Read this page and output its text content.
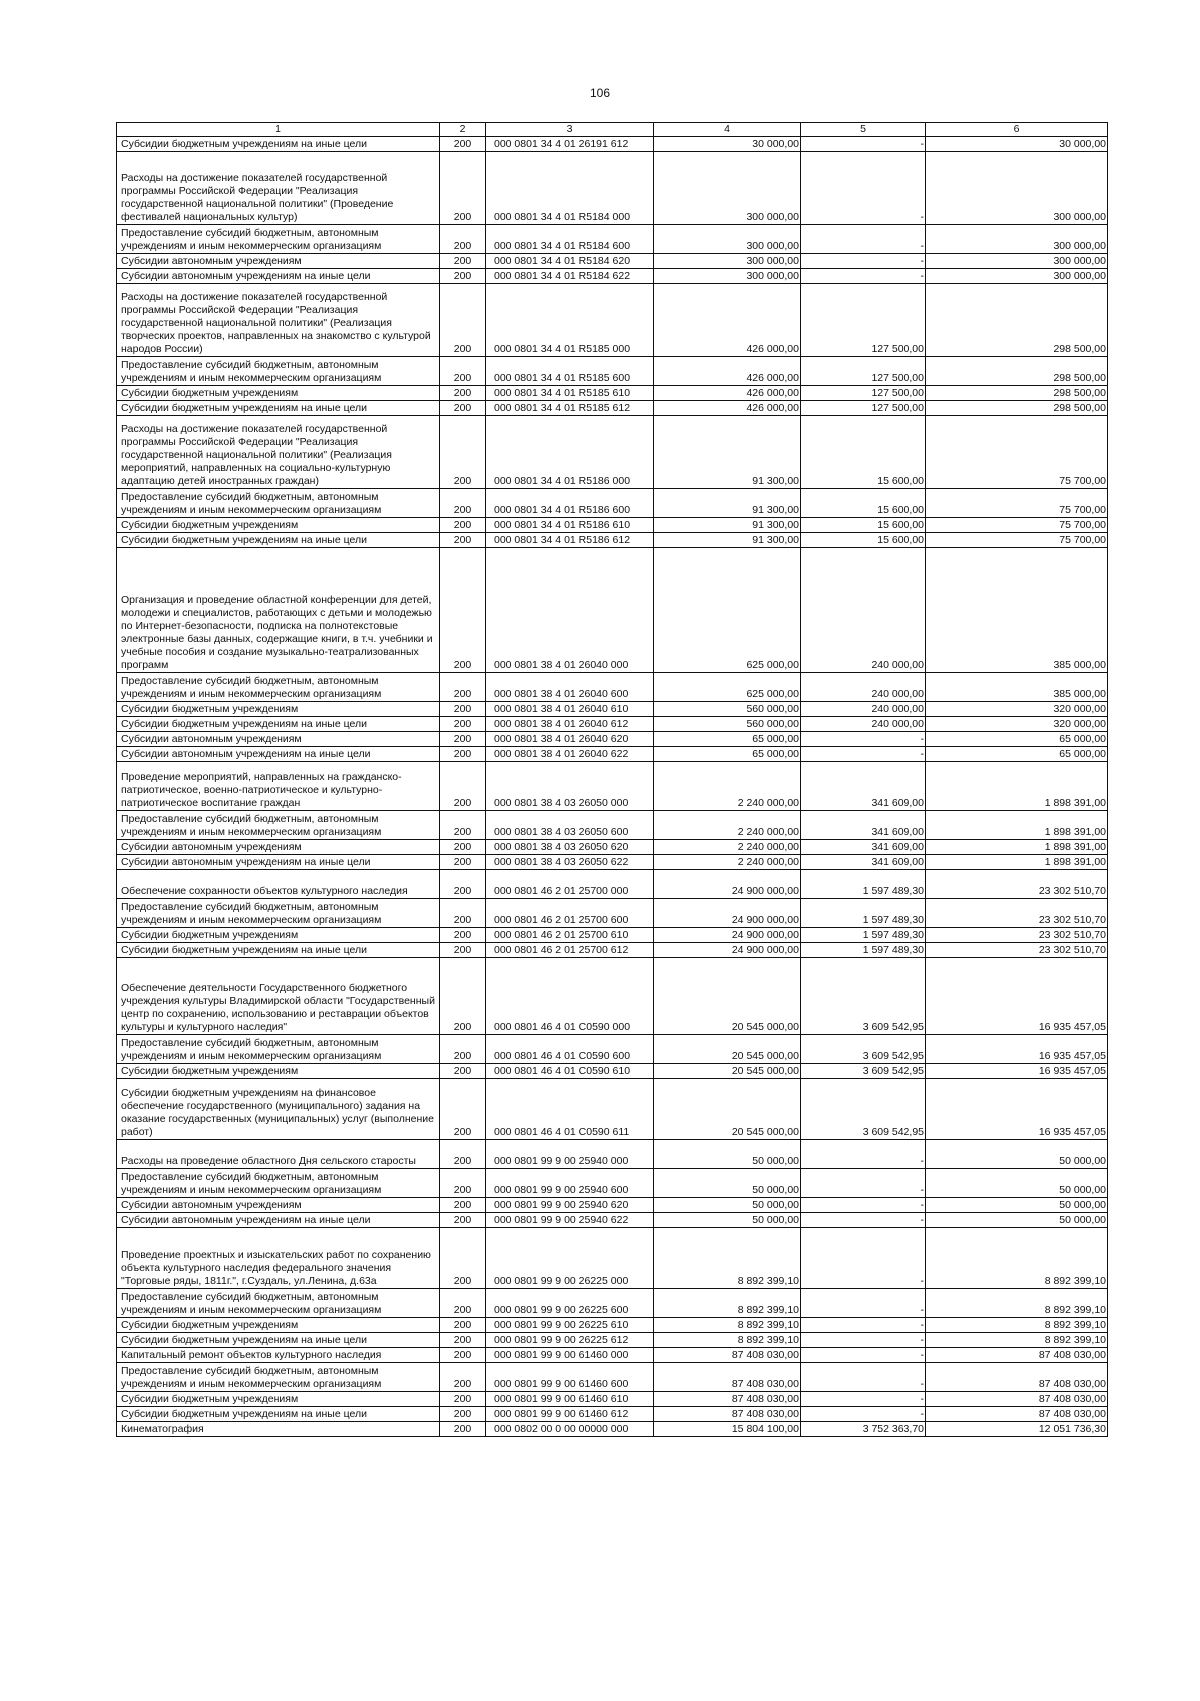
106
1	2	3	4	5	6
Субсидии бюджетным учреждениям на иные цели	200	000 0801 34 4 01 26191 612	30 000,00	-	30 000,00
Расходы на достижение показателей государственной программы Российской Федерации "Реализация государственной национальной политики" (Проведение фестивалей национальных культур)	200	000 0801 34 4 01 R5184 000	300 000,00	-	300 000,00
Предоставление субсидий бюджетным, автономным учреждениям и иным некоммерческим организациям	200	000 0801 34 4 01 R5184 600	300 000,00	-	300 000,00
Субсидии автономным учреждениям	200	000 0801 34 4 01 R5184 620	300 000,00	-	300 000,00
Субсидии автономным учреждениям на иные цели	200	000 0801 34 4 01 R5184 622	300 000,00	-	300 000,00
Расходы на достижение показателей государственной программы Российской Федерации "Реализация государственной национальной политики" (Реализация творческих проектов, направленных на знакомство с культурой народов России)	200	000 0801 34 4 01 R5185 000	426 000,00	127 500,00	298 500,00
Предоставление субсидий бюджетным, автономным учреждениям и иным некоммерческим организациям	200	000 0801 34 4 01 R5185 600	426 000,00	127 500,00	298 500,00
Субсидии бюджетным учреждениям	200	000 0801 34 4 01 R5185 610	426 000,00	127 500,00	298 500,00
Субсидии бюджетным учреждениям на иные цели	200	000 0801 34 4 01 R5185 612	426 000,00	127 500,00	298 500,00
Расходы на достижение показателей государственной программы Российской Федерации "Реализация государственной национальной политики" (Реализация мероприятий, направленных на социально-культурную адаптацию детей иностранных граждан)	200	000 0801 34 4 01 R5186 000	91 300,00	15 600,00	75 700,00
Предоставление субсидий бюджетным, автономным учреждениям и иным некоммерческим организациям	200	000 0801 34 4 01 R5186 600	91 300,00	15 600,00	75 700,00
Субсидии бюджетным учреждениям	200	000 0801 34 4 01 R5186 610	91 300,00	15 600,00	75 700,00
Субсидии бюджетным учреждениям на иные цели	200	000 0801 34 4 01 R5186 612	91 300,00	15 600,00	75 700,00
Организация и проведение областной конференции для детей, молодежи и специалистов, работающих с детьми и молодежью по Интернет-безопасности, подписка на полнотекстовые электронные базы данных, содержащие книги, в т.ч. учебники и учебные пособия и создание музыкально-театрализованных программ	200	000 0801 38 4 01 26040 000	625 000,00	240 000,00	385 000,00
Предоставление субсидий бюджетным, автономным учреждениям и иным некоммерческим организациям	200	000 0801 38 4 01 26040 600	625 000,00	240 000,00	385 000,00
Субсидии бюджетным учреждениям	200	000 0801 38 4 01 26040 610	560 000,00	240 000,00	320 000,00
Субсидии бюджетным учреждениям на иные цели	200	000 0801 38 4 01 26040 612	560 000,00	240 000,00	320 000,00
Субсидии автономным учреждениям	200	000 0801 38 4 01 26040 620	65 000,00	-	65 000,00
Субсидии автономным учреждениям на иные цели	200	000 0801 38 4 01 26040 622	65 000,00	-	65 000,00
Проведение мероприятий, направленных на гражданско-патриотическое, военно-патриотическое и культурно-патриотическое воспитание граждан	200	000 0801 38 4 03 26050 000	2 240 000,00	341 609,00	1 898 391,00
Предоставление субсидий бюджетным, автономным учреждениям и иным некоммерческим организациям	200	000 0801 38 4 03 26050 600	2 240 000,00	341 609,00	1 898 391,00
Субсидии автономным учреждениям	200	000 0801 38 4 03 26050 620	2 240 000,00	341 609,00	1 898 391,00
Субсидии автономным учреждениям на иные цели	200	000 0801 38 4 03 26050 622	2 240 000,00	341 609,00	1 898 391,00
Обеспечение сохранности объектов культурного наследия	200	000 0801 46 2 01 25700 000	24 900 000,00	1 597 489,30	23 302 510,70
Предоставление субсидий бюджетным, автономным учреждениям и иным некоммерческим организациям	200	000 0801 46 2 01 25700 600	24 900 000,00	1 597 489,30	23 302 510,70
Субсидии бюджетным учреждениям	200	000 0801 46 2 01 25700 610	24 900 000,00	1 597 489,30	23 302 510,70
Субсидии бюджетным учреждениям на иные цели	200	000 0801 46 2 01 25700 612	24 900 000,00	1 597 489,30	23 302 510,70
Обеспечение деятельности Государственного бюджетного учреждения культуры Владимирской области "Государственный центр по сохранению, использованию и реставрации объектов культуры и культурного наследия"	200	000 0801 46 4 01 C0590 000	20 545 000,00	3 609 542,95	16 935 457,05
Предоставление субсидий бюджетным, автономным учреждениям и иным некоммерческим организациям	200	000 0801 46 4 01 C0590 600	20 545 000,00	3 609 542,95	16 935 457,05
Субсидии бюджетным учреждениям	200	000 0801 46 4 01 C0590 610	20 545 000,00	3 609 542,95	16 935 457,05
Субсидии бюджетным учреждениям на финансовое обеспечение государственного (муниципального) задания на оказание государственных (муниципальных) услуг (выполнение работ)	200	000 0801 46 4 01 C0590 611	20 545 000,00	3 609 542,95	16 935 457,05
Расходы на проведение областного Дня сельского старосты	200	000 0801 99 9 00 25940 000	50 000,00	-	50 000,00
Предоставление субсидий бюджетным, автономным учреждениям и иным некоммерческим организациям	200	000 0801 99 9 00 25940 600	50 000,00	-	50 000,00
Субсидии автономным учреждениям	200	000 0801 99 9 00 25940 620	50 000,00	-	50 000,00
Субсидии автономным учреждениям на иные цели	200	000 0801 99 9 00 25940 622	50 000,00	-	50 000,00
Проведение проектных и изыскательских работ по сохранению объекта культурного наследия федерального значения "Торговые ряды, 1811г.", г.Суздаль, ул.Ленина, д.63а	200	000 0801 99 9 00 26225 000	8 892 399,10	-	8 892 399,10
Предоставление субсидий бюджетным, автономным учреждениям и иным некоммерческим организациям	200	000 0801 99 9 00 26225 600	8 892 399,10	-	8 892 399,10
Субсидии бюджетным учреждениям	200	000 0801 99 9 00 26225 610	8 892 399,10	-	8 892 399,10
Субсидии бюджетным учреждениям на иные цели	200	000 0801 99 9 00 26225 612	8 892 399,10	-	8 892 399,10
Капитальный ремонт объектов культурного наследия	200	000 0801 99 9 00 61460 000	87 408 030,00	-	87 408 030,00
Предоставление субсидий бюджетным, автономным учреждениям и иным некоммерческим организациям	200	000 0801 99 9 00 61460 600	87 408 030,00	-	87 408 030,00
Субсидии бюджетным учреждениям	200	000 0801 99 9 00 61460 610	87 408 030,00	-	87 408 030,00
Субсидии бюджетным учреждениям на иные цели	200	000 0801 99 9 00 61460 612	87 408 030,00	-	87 408 030,00
Кинематография	200	000 0802 00 0 00 00000 000	15 804 100,00	3 752 363,70	12 051 736,30
